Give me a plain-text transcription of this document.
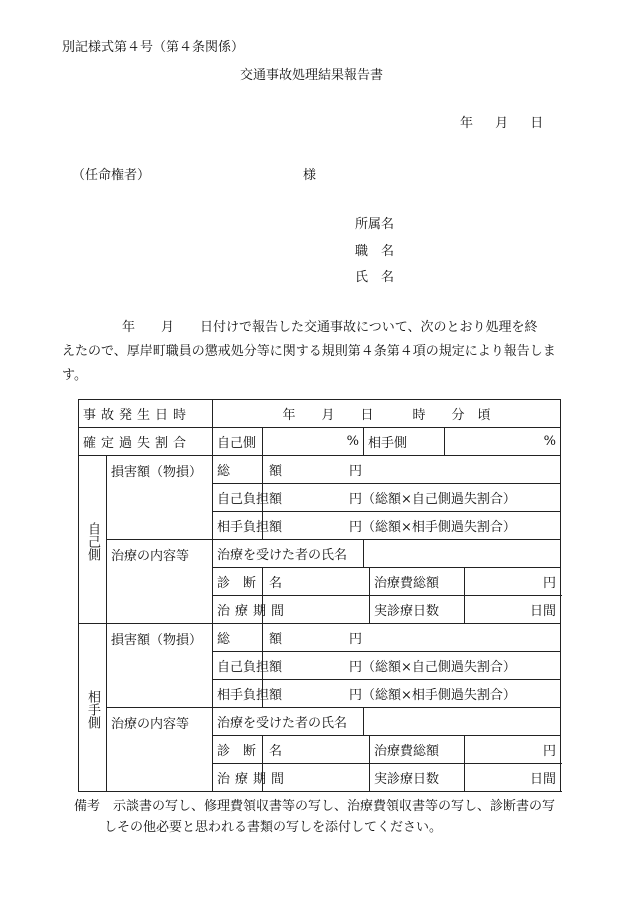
別記様式第４号（第４条関係）
交通事故処理結果報告書
年 月 日
（任命権者）	様
所属名
職　名
氏　名
年　　月　　日付けで報告した交通事故について、次のとおり処理を終
えたので、厚岸町職員の懲戒処分等に関する規則第４条第４項の規定により報告します。
事故発生日時		年　　月　　日　　　時　　分　頃					
確定過失割合		自己側	%	相手側		%	
自己側	損害額（物損）	総　　　額	円				
		自己負担額	円（総額×自己側過失割合）				
		相手負担額	円（総額×相手側過失割合）				
	治療の内容等	治療を受けた者の氏名					
		診　断　名			治療費総額		円
		治療期間			実診療日数		日間
相手側	損害額（物損）	総　　　額	円				
		自己負担額	円（総額×自己側過失割合）				
		相手負担額	円（総額×相手側過失割合）				
	治療の内容等	治療を受けた者の氏名					
		診　断　名			治療費総額		円
		治療期間			実診療日数		日間
備考　示談書の写し、修理費領収書等の写し、治療費領収書等の写し、診断書の写
しその他必要と思われる書類の写しを添付してください。
